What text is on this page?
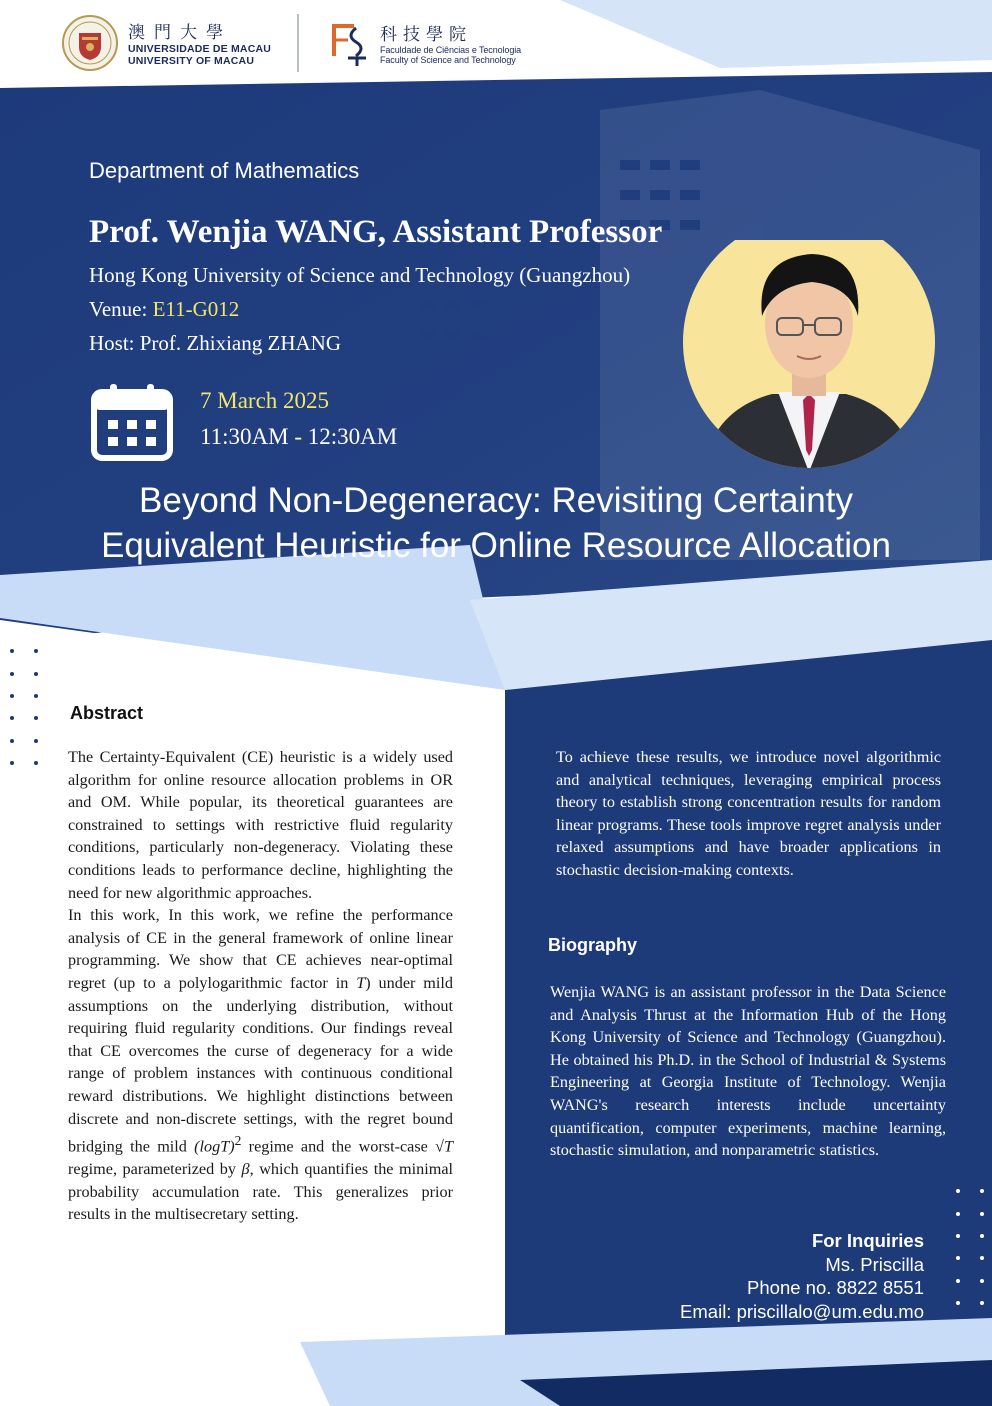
澳門大學
UNIVERSIDADE DE MACAU
UNIVERSITY OF MACAU
科技學院
Faculdade de Ciências e Tecnologia
Faculty of Science and Technology
Department of Mathematics
Prof. Wenjia WANG, Assistant Professor
Hong Kong University of Science and Technology (Guangzhou)
Venue: E11-G012
Host: Prof. Zhixiang ZHANG
7 March 2025
11:30AM - 12:30AM
Beyond Non-Degeneracy: Revisiting Certainty Equivalent Heuristic for Online Resource Allocation
Abstract

The Certainty-Equivalent (CE) heuristic is a widely used algorithm for online resource allocation problems in OR and OM. While popular, its theoretical guarantees are constrained to settings with restrictive fluid regularity conditions, particularly non-degeneracy. Violating these conditions leads to performance decline, highlighting the need for new algorithmic approaches.

In this work, In this work, we refine the performance analysis of CE in the general framework of online linear programming. We show that CE achieves near-optimal regret (up to a polylogarithmic factor in T) under mild assumptions on the underlying distribution, without requiring fluid regularity conditions. Our findings reveal that CE overcomes the curse of degeneracy for a wide range of problem instances with continuous conditional reward distributions. We highlight distinctions between discrete and non-discrete settings, with the regret bound bridging the mild $(\log T)^2$ regime and the worst-case √T regime, parameterized by β, which quantifies the minimal probability accumulation rate. This generalizes prior results in the multisecretary setting.

To achieve these results, we introduce novel algorithmic and analytical techniques, leveraging empirical process theory to establish strong concentration results for random linear programs. These tools improve regret analysis under relaxed assumptions and have broader applications in stochastic decision-making contexts.
Biography
Wenjia WANG is an assistant professor in the Data Science and Analysis Thrust at the Information Hub of the Hong Kong University of Science and Technology (Guangzhou). He obtained his Ph.D. in the School of Industrial & Systems Engineering at Georgia Institute of Technology. Wenjia WANG's research interests include uncertainty quantification, computer experiments, machine learning, stochastic simulation, and nonparametric statistics.
For Inquiries
Ms. Priscilla
Phone no. 8822 8551
Email: priscillalo@um.edu.mo
